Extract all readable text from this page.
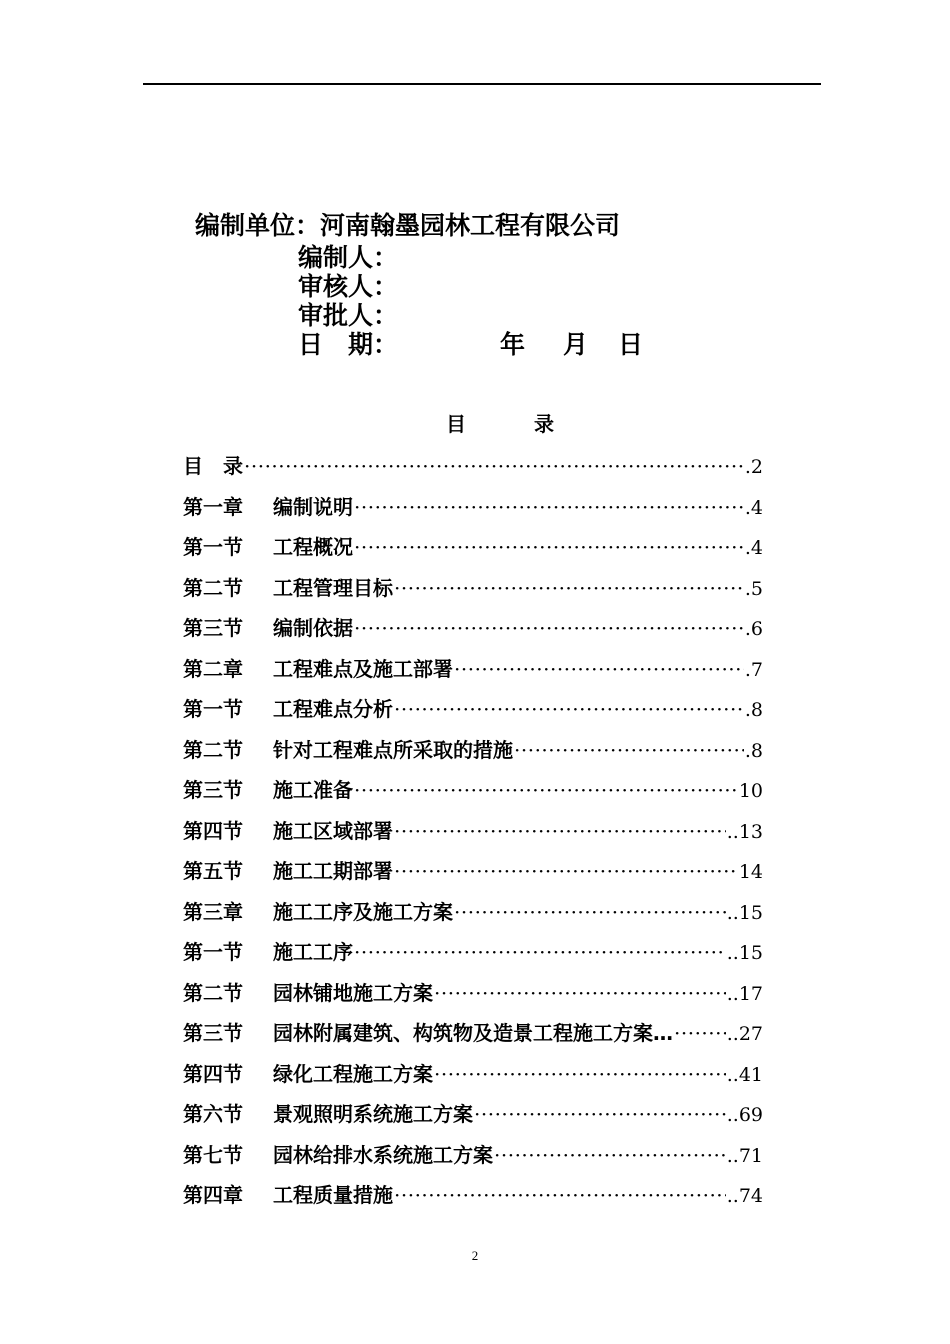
编制单位：河南翰墨园林工程有限公司
编制人：
审核人：
审批人：
日　期：	年 月 日
目	录
目　录 ·····	.2
第一章	编制说明 ·····	.4
第一节	工程概况 ·····	.4
第二节	工程管理目标 ·····	.5
第三节	编制依据 ·····	.6
第二章	工程难点及施工部署 ·····	.7
第一节	工程难点分析 ·····	.8
第二节	针对工程难点所采取的措施 ·····	.8
第三节	施工准备 ·····	10
第四节	施工区域部署 ·····	..13
第五节	施工工期部署 ·····	14
第三章	施工工序及施工方案 ·····	..15
第一节	施工工序 ·····	..15
第二节	园林铺地施工方案 ·····	..17
第三节	园林附属建筑、构筑物及造景工程施工方案… ·····	..27
第四节	绿化工程施工方案 ·····	..41
第六节	景观照明系统施工方案 ·····	..69
第七节	园林给排水系统施工方案 ·····	..71
第四章	工程质量措施 ·····	..74
2
